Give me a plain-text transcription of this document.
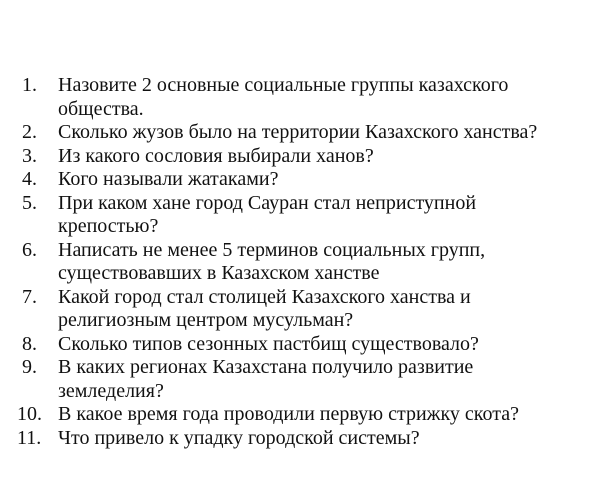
1.	Назовите 2 основные социальные группы казахского
общества.
2.	Сколько жузов было на территории Казахского ханства?
3.	Из какого сословия выбирали ханов?
4.	Кого называли жатаками?
5.	При каком хане город Сауран стал неприступной
крепостью?
6.	Написать не менее 5 терминов социальных групп,
существовавших в Казахском ханстве
7.	Какой город стал столицей Казахского ханства и
религиозным центром мусульман?
8.	Сколько типов сезонных пастбищ существовало?
9.	В каких регионах Казахстана получило развитие
земледелия?
10. В какое время года проводили первую стрижку скота?
11. Что привело к упадку городской системы?
